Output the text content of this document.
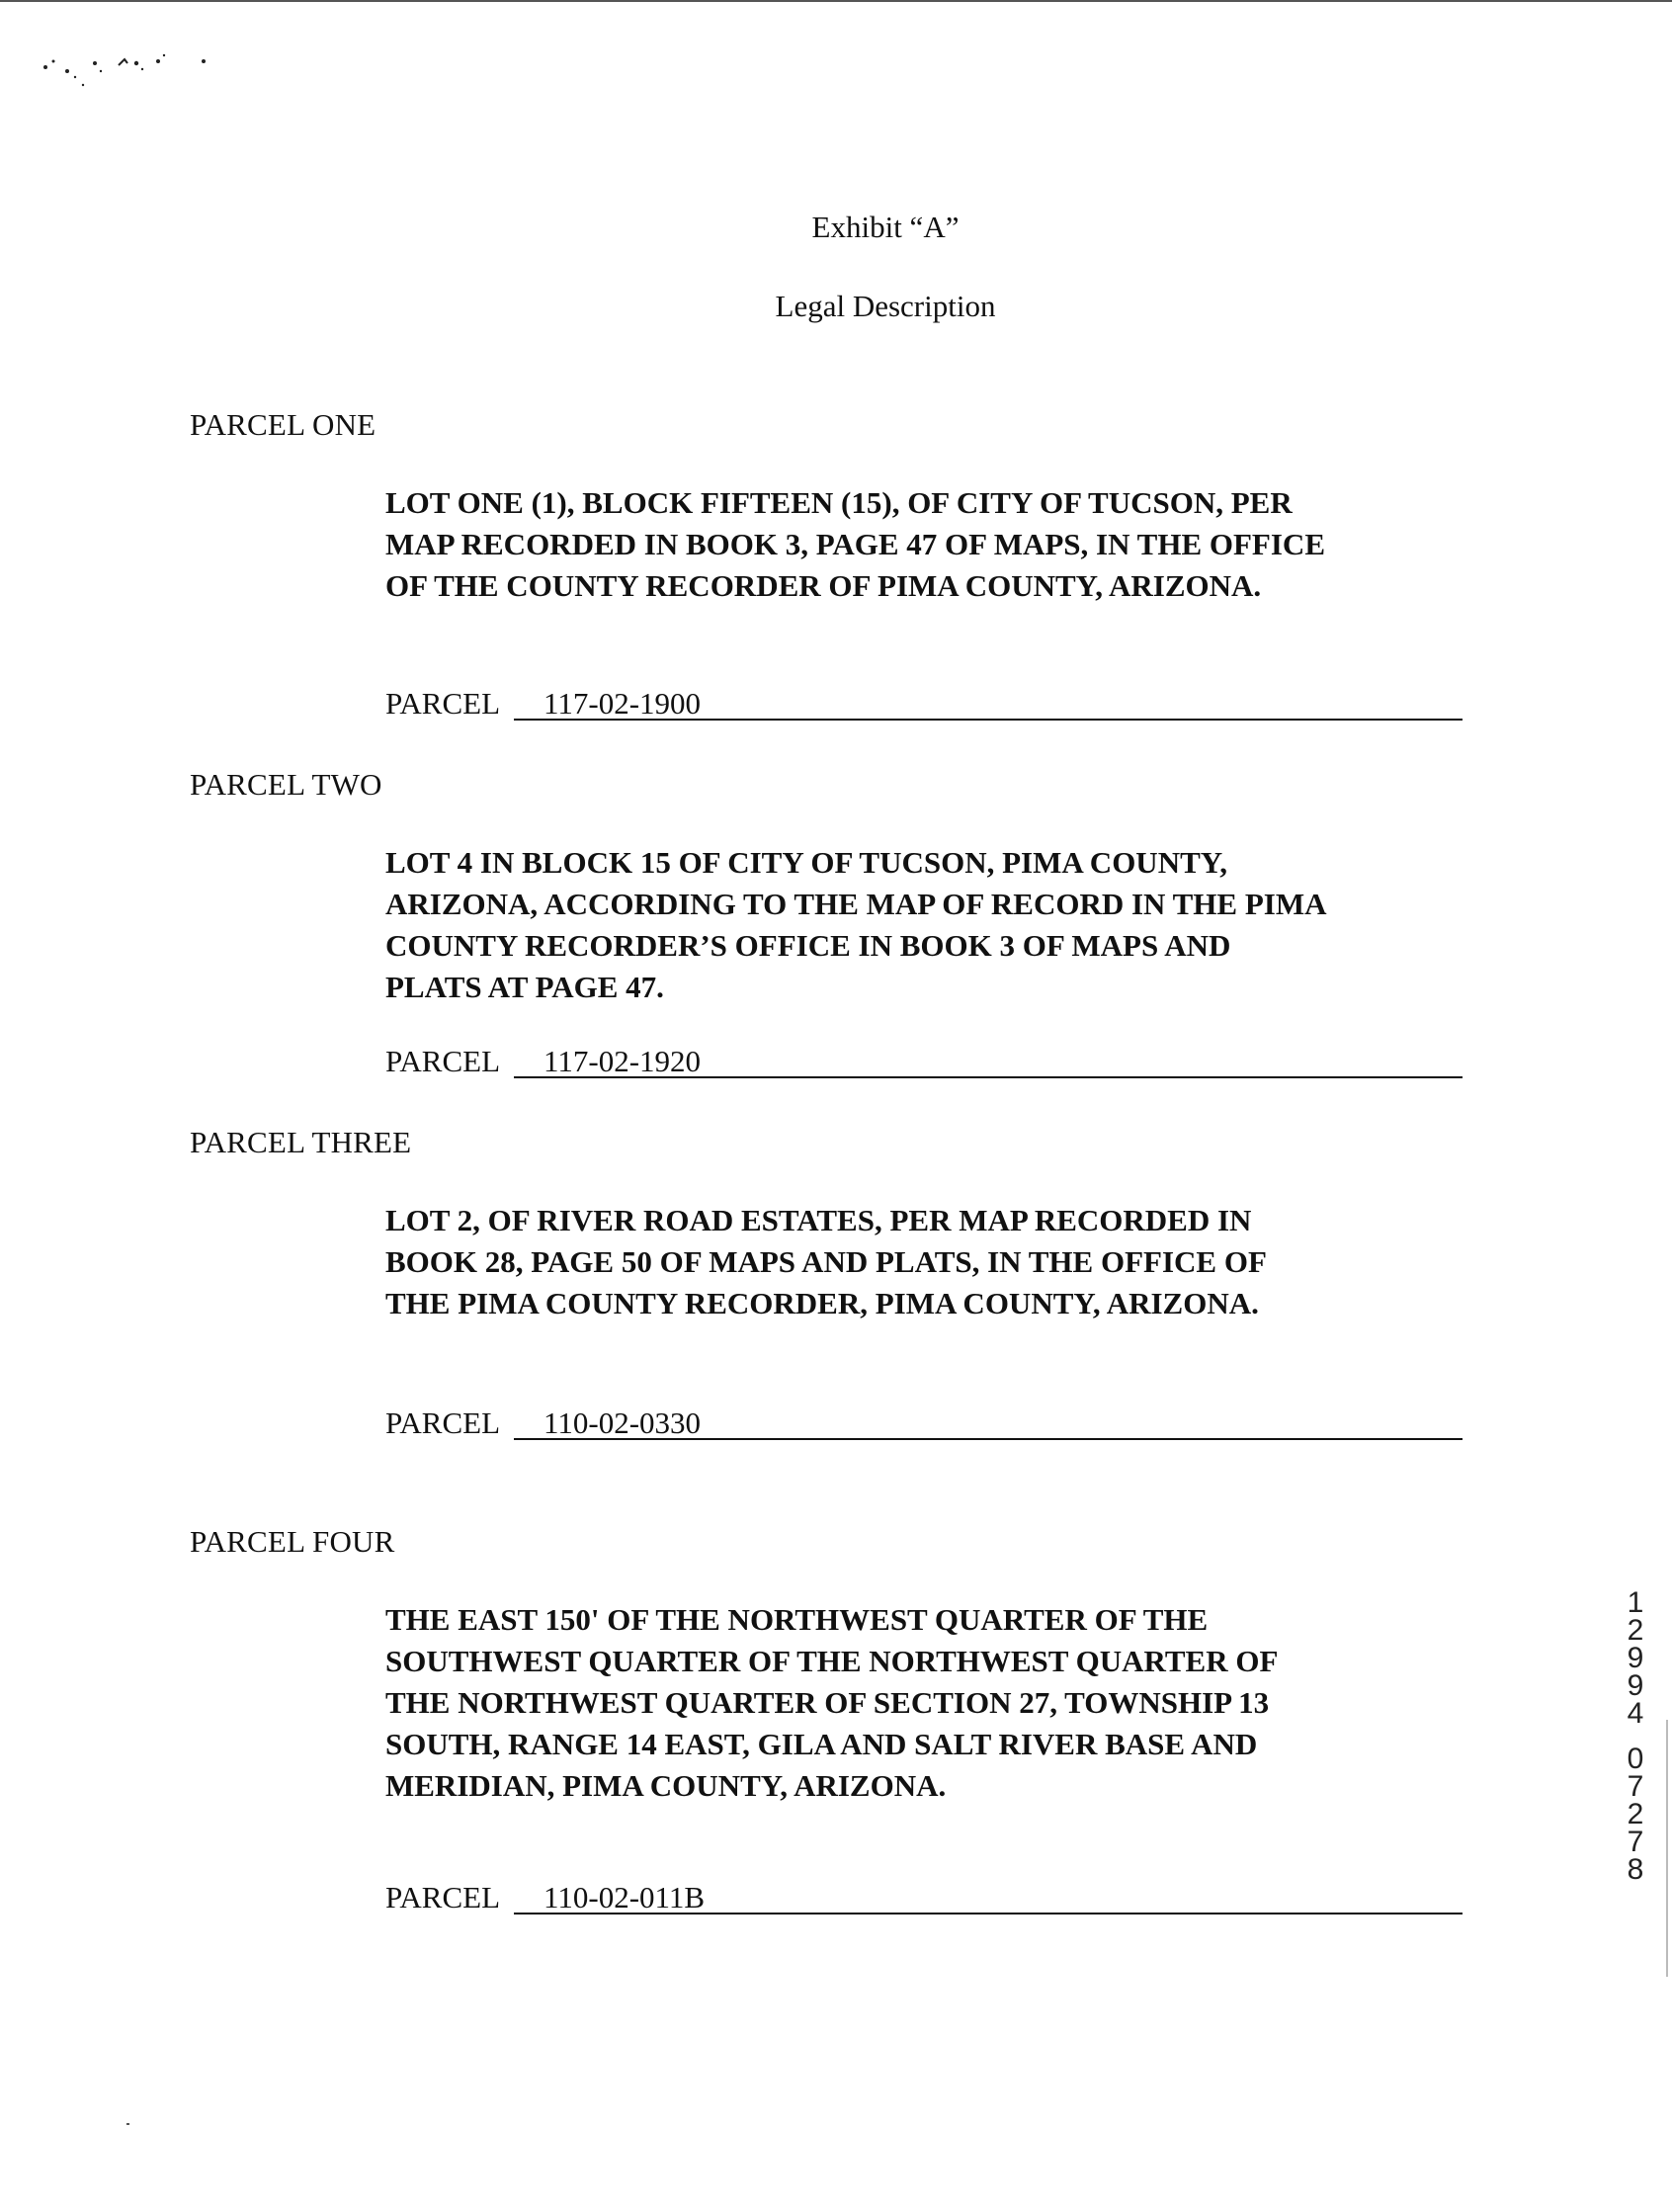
Exhibit “A”
Legal Description
PARCEL ONE

LOT ONE (1), BLOCK FIFTEEN (15), OF CITY OF TUCSON, PER MAP RECORDED IN BOOK 3, PAGE 47 OF MAPS, IN THE OFFICE OF THE COUNTY RECORDER OF PIMA COUNTY, ARIZONA.

PARCEL	117-02-1900
PARCEL TWO

LOT 4 IN BLOCK 15 OF CITY OF TUCSON, PIMA COUNTY, ARIZONA, ACCORDING TO THE MAP OF RECORD IN THE PIMA COUNTY RECORDER’S OFFICE IN BOOK 3 OF MAPS AND PLATS AT PAGE 47.

PARCEL	117-02-1920
PARCEL THREE

LOT 2, OF RIVER ROAD ESTATES, PER MAP RECORDED IN BOOK 28, PAGE 50 OF MAPS AND PLATS, IN THE OFFICE OF THE PIMA COUNTY RECORDER, PIMA COUNTY, ARIZONA.

PARCEL	110-02-0330
PARCEL FOUR

THE EAST 150' OF THE NORTHWEST QUARTER OF THE SOUTHWEST QUARTER OF THE NORTHWEST QUARTER OF THE NORTHWEST QUARTER OF SECTION 27, TOWNSHIP 13 SOUTH, RANGE 14 EAST, GILA AND SALT RIVER BASE AND MERIDIAN, PIMA COUNTY, ARIZONA.

PARCEL	110-02-011B
1
2
9
9
4
0
7
2
7
8
